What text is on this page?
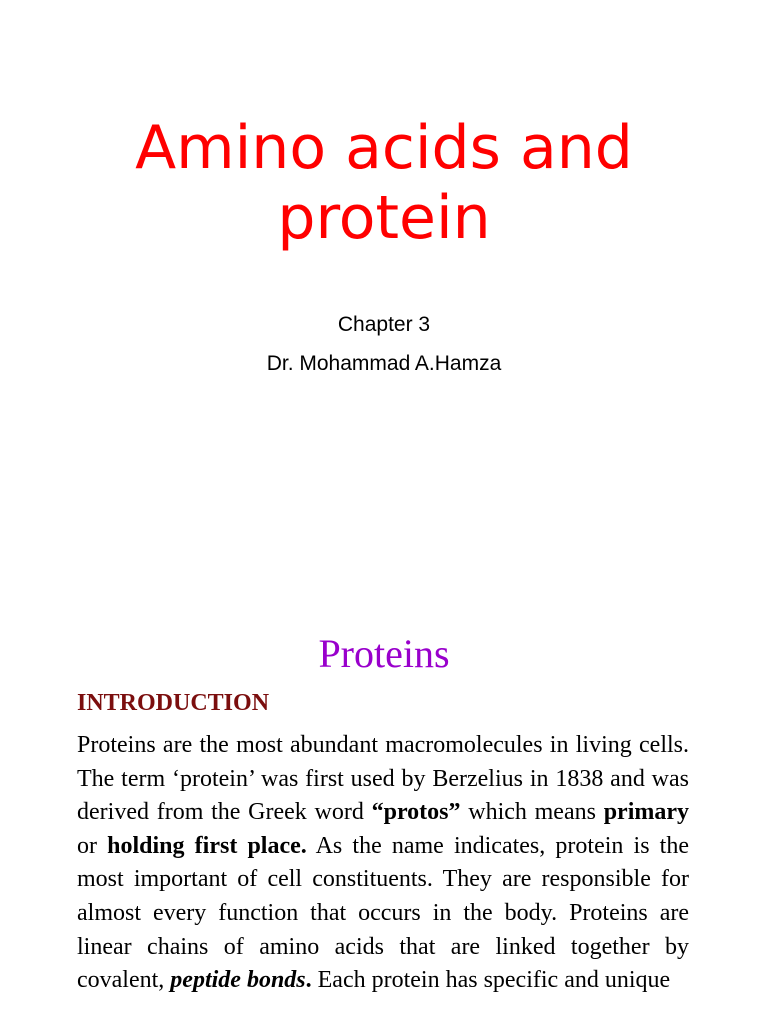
Amino acids and
protein
Chapter 3
Dr. Mohammad A.Hamza
Proteins
INTRODUCTION
Proteins are the most abundant macromolecules in living cells. The term ‘protein’ was first used by Berzelius in 1838 and was derived from the Greek word “protos” which means primary or holding first place. As the name indicates, protein is the most important of cell constituents. They are responsible for almost every function that occurs in the body. Proteins are linear chains of amino acids that are linked together by covalent, peptide bonds. Each protein has specific and unique
